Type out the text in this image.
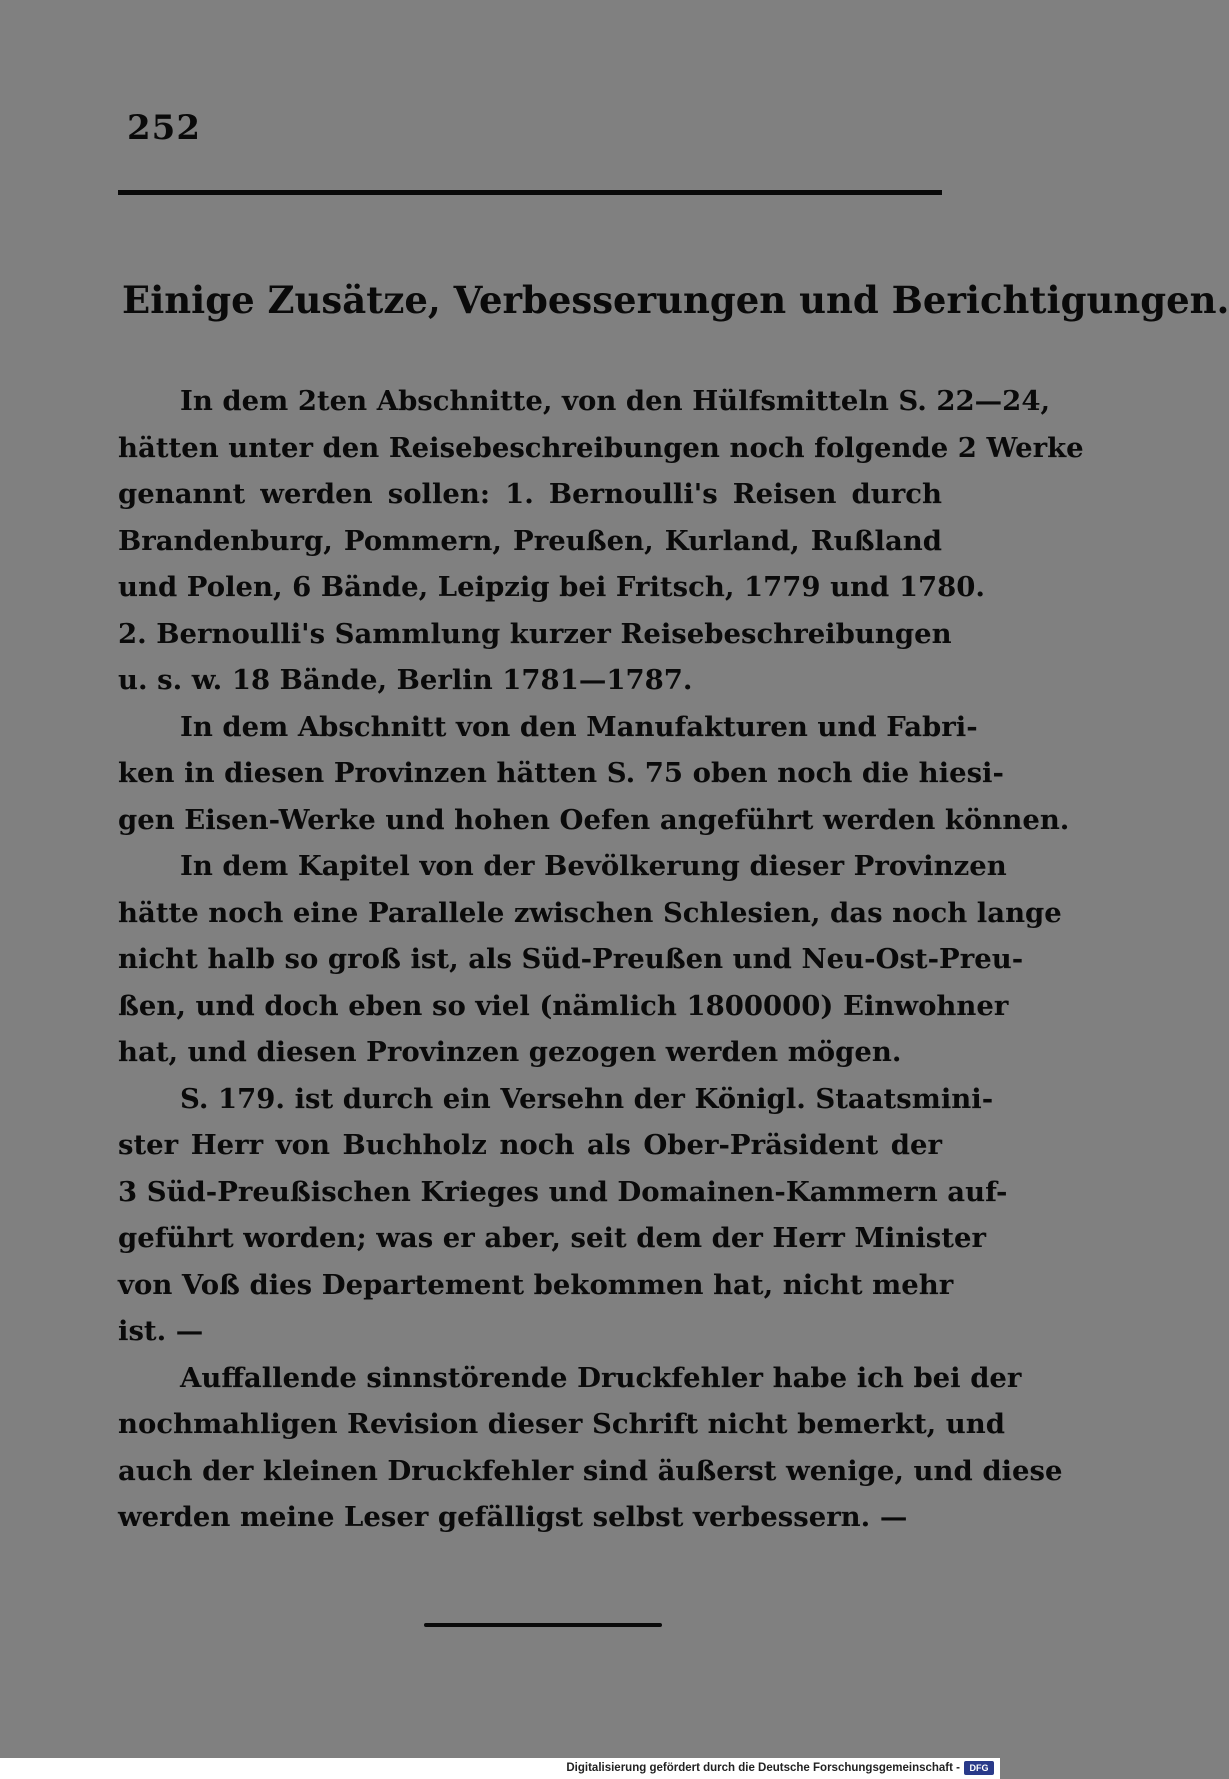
252
Einige Zusätze, Verbesserungen und Berichtigungen.
In dem 2ten Abschnitte, von den Hülfsmitteln S. 22—24,
hätten unter den Reisebeschreibungen noch folgende 2 Werke
genannt werden sollen: 1. Bernoulli's Reisen durch
Brandenburg, Pommern, Preußen, Kurland, Rußland
und Polen, 6 Bände, Leipzig bei Fritsch, 1779 und 1780.
2. Bernoulli's Sammlung kurzer Reisebeschreibungen
u. s. w. 18 Bände, Berlin 1781—1787.
In dem Abschnitt von den Manufakturen und Fabri-
ken in diesen Provinzen hätten S. 75 oben noch die hiesi-
gen Eisen-Werke und hohen Oefen angeführt werden können.
In dem Kapitel von der Bevölkerung dieser Provinzen
hätte noch eine Parallele zwischen Schlesien, das noch lange
nicht halb so groß ist, als Süd-Preußen und Neu-Ost-Preu-
ßen, und doch eben so viel (nämlich 1800000) Einwohner
hat, und diesen Provinzen gezogen werden mögen.
S. 179. ist durch ein Versehn der Königl. Staatsmini-
ster Herr von Buchholz noch als Ober-Präsident der
3 Süd-Preußischen Krieges und Domainen-Kammern auf-
geführt worden; was er aber, seit dem der Herr Minister
von Voß dies Departement bekommen hat, nicht mehr
ist. —
Auffallende sinnstörende Druckfehler habe ich bei der
nochmahligen Revision dieser Schrift nicht bemerkt, und
auch der kleinen Druckfehler sind äußerst wenige, und diese
werden meine Leser gefälligst selbst verbessern. —
Digitalisierung gefördert durch die Deutsche Forschungsgemeinschaft -	DFG
